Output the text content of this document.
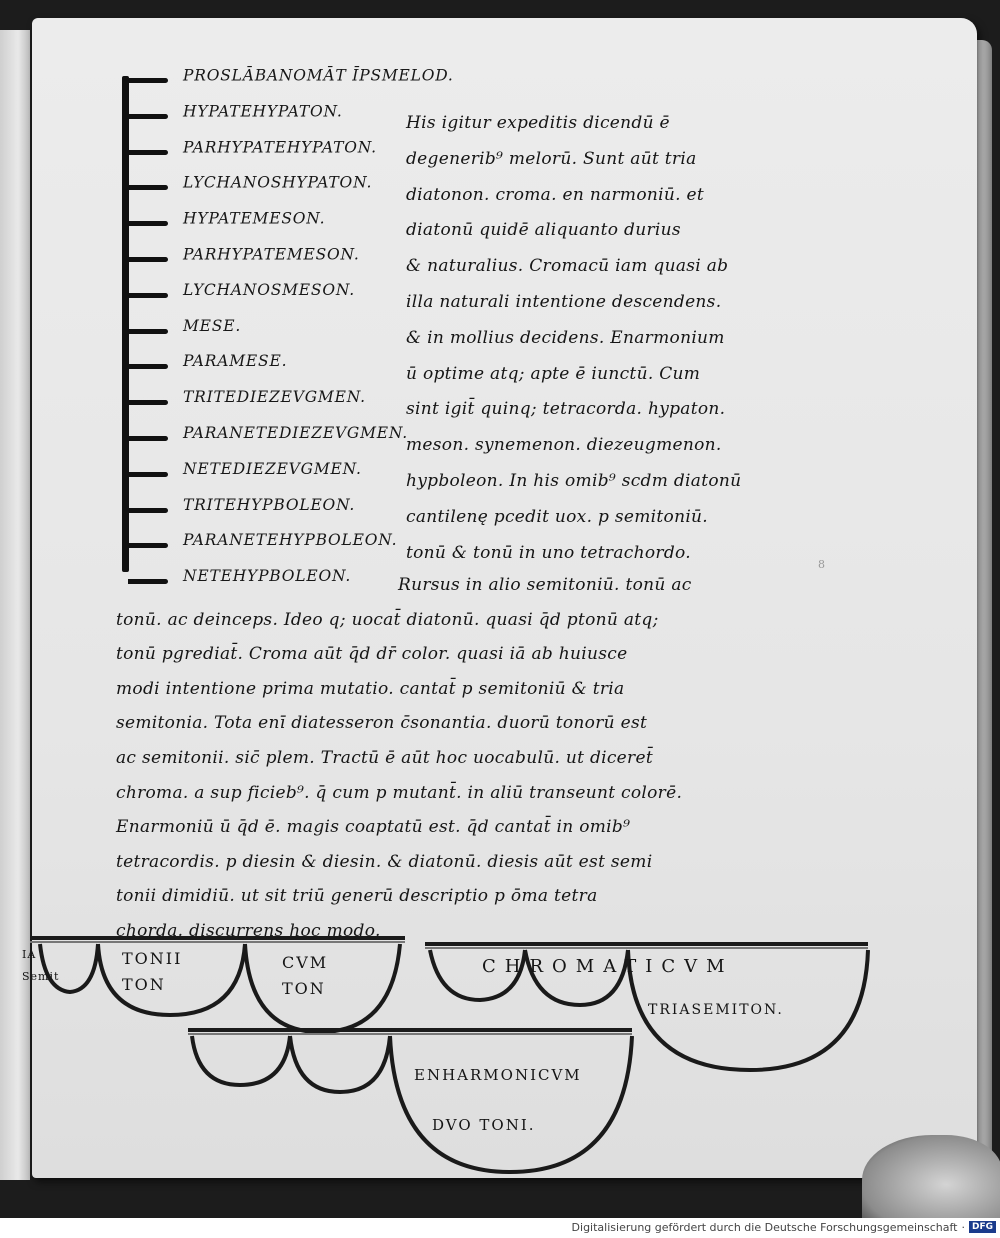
PROSLĀBANOMĀT ĪPSMELOD.
HYPATEHYPATON.
PARHYPATEHYPATON.
LYCHANOSHYPATON.
HYPATEMESON.
PARHYPATEMESON.
LYCHANOSMESON.
MESE.
PARAMESE.
TRITEDIEZEVGMEN.
PARANETEDIEZEVGMEN.
NETEDIEZEVGMEN.
TRITEHYPBOLEON.
PARANETEHYPBOLEON.
NETEHYPBOLEON.
His igitur expeditis dicendū ē
degenerib⁹ melorū. Sunt aūt tria
diatonon. croma. en narmoniū. et
diatonū quidē aliquanto durius
& naturalius. Cromacū iam quasi ab
illa naturali intentione descendens.
& in mollius decidens. Enarmonium
ū optime atq; apte ē iunctū. Cum
sint igit̄ quinq; tetracorda. hypaton.
meson. synemenon. diezeugmenon.
hypboleon. In his omib⁹ scdm diatonū
cantilenę pcedit uox. p semitoniū.
tonū & tonū in uno tetrachordo.
Rursus in alio semitoniū. tonū ac
tonū. ac deinceps. Ideo q; uocat̄ diatonū. quasi q̄d ptonū atq;
tonū pgrediat̄. Croma aūt q̄d dr̄ color. quasi iā ab huiusce
modi intentione prima mutatio. cantat̄ p semitoniū & tria
semitonia. Tota enī diatesseron c̄sonantia. duorū tonorū est
ac semitonii. sic̄ plem. Tractū ē aūt hoc uocabulū. ut diceret̄
chroma. a sup ficieb⁹. q̄ cum p mutant̄. in aliū transeunt colorē.
Enarmoniū ū q̄d ē. magis coaptatū est. q̄d cantat̄ in omib⁹
tetracordis. p diesin & diesin. & diatonū. diesis aūt est semi
tonii dimidiū. ut sit triū generū descriptio p ōma tetra
chorda. discurrens hoc modo.
8
IA Semit
TONII TON
CVM TON
CHROMATICVM
TRIASEMITON.
ENHARMONICVM
DVO TONI.
Digitalisierung gefördert durch die Deutsche Forschungsgemeinschaft · DFG
